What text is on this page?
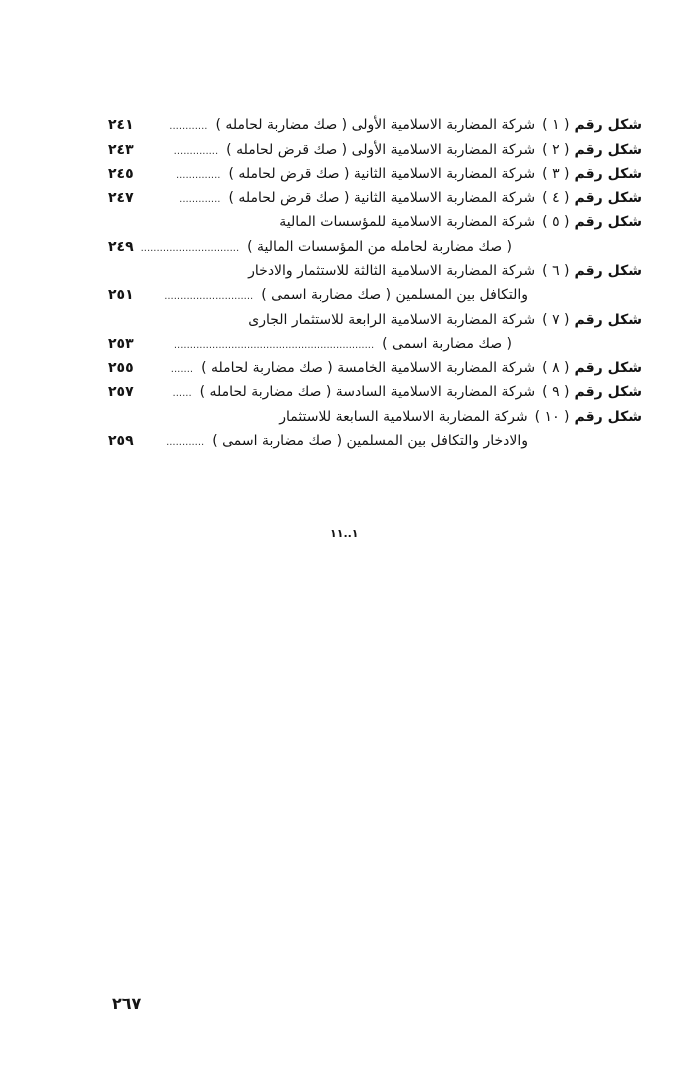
شكل رقم
( ١ )
شركة المضاربة الاسلامية الأولى ( صك مضاربة لحامله )
............
٢٤١
شكل رقم
( ٢ )
شركة المضاربة الاسلامية الأولى ( صك قرض لحامله )
..............
٢٤٣
شكل رقم
( ٣ )
شركة المضاربة الاسلامية الثانية ( صك قرض لحامله )
..............
٢٤٥
شكل رقم
( ٤ )
شركة المضاربة الاسلامية الثانية ( صك قرض لحامله )
.............
٢٤٧
شكل رقم
( ٥ )
شركة المضاربة الاسلامية للمؤسسات المالية
( صك مضاربة لحامله من المؤسسات المالية )
...............................
٢٤٩
شكل رقم
( ٦ )
شركة المضاربة الاسلامية الثالثة للاستثمار والادخار
والتكافل بين المسلمين ( صك مضاربة اسمى )
............................
٢٥١
شكل رقم
( ٧ )
شركة المضاربة الاسلامية الرابعة للاستثمار الجارى
( صك مضاربة اسمى )
...............................................................
٢٥٣
شكل رقم
( ٨ )
شركة المضاربة الاسلامية الخامسة ( صك مضاربة لحامله )
.......
٢٥٥
شكل رقم
( ٩ )
شركة المضاربة الاسلامية السادسة ( صك مضاربة لحامله )
......
٢٥٧
شكل رقم
( ١٠ )
شركة المضاربة الاسلامية السابعة للاستثمار
والادخار والتكافل بين المسلمين ( صك مضاربة اسمى )
............
٢٥٩
١..١١
٢٦٧
